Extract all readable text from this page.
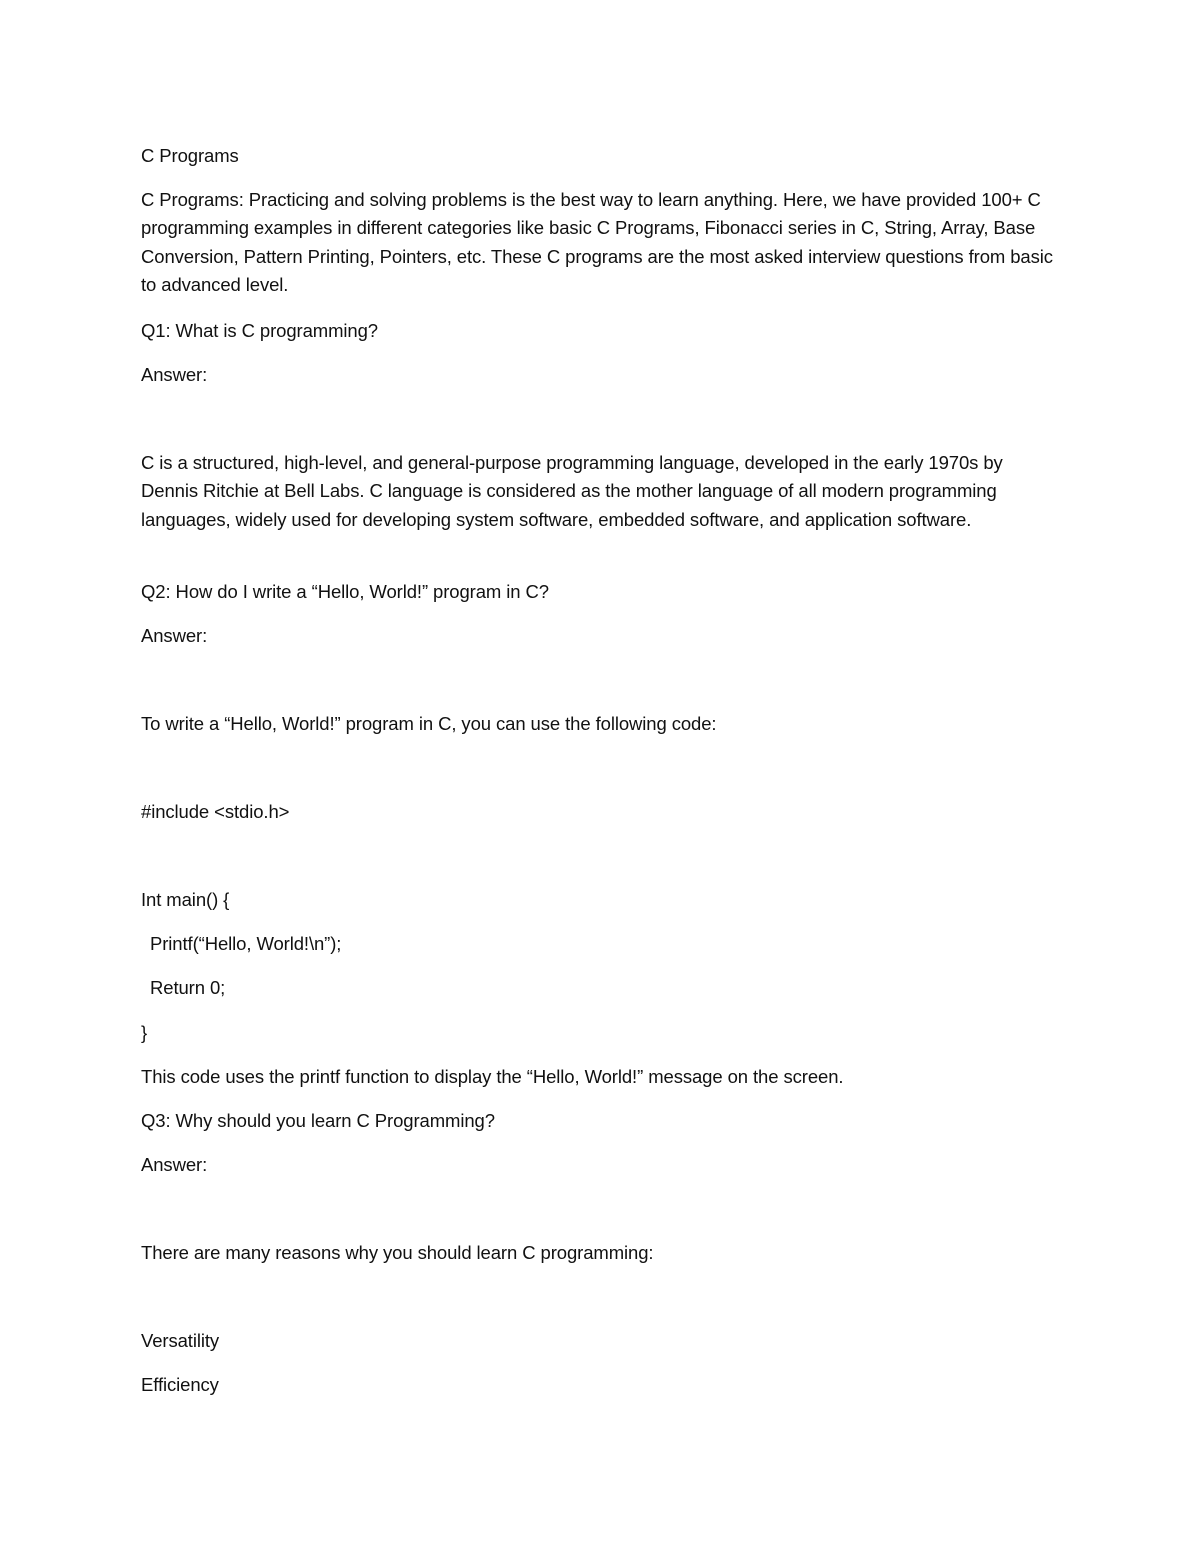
C Programs
C Programs: Practicing and solving problems is the best way to learn anything. Here, we have provided 100+ C programming examples in different categories like basic C Programs, Fibonacci series in C, String, Array, Base Conversion, Pattern Printing, Pointers, etc. These C programs are the most asked interview questions from basic to advanced level.
Q1: What is C programming?
Answer:
C is a structured, high-level, and general-purpose programming language, developed in the early 1970s by Dennis Ritchie at Bell Labs. C language is considered as the mother language of all modern programming languages, widely used for developing system software, embedded software, and application software.
Q2: How do I write a “Hello, World!” program in C?
Answer:
To write a “Hello, World!” program in C, you can use the following code:
#include <stdio.h>
Int main() {
Printf(“Hello, World!\n”);
Return 0;
}
This code uses the printf function to display the “Hello, World!” message on the screen.
Q3: Why should you learn C Programming?
Answer:
There are many reasons why you should learn C programming:
Versatility
Efficiency
